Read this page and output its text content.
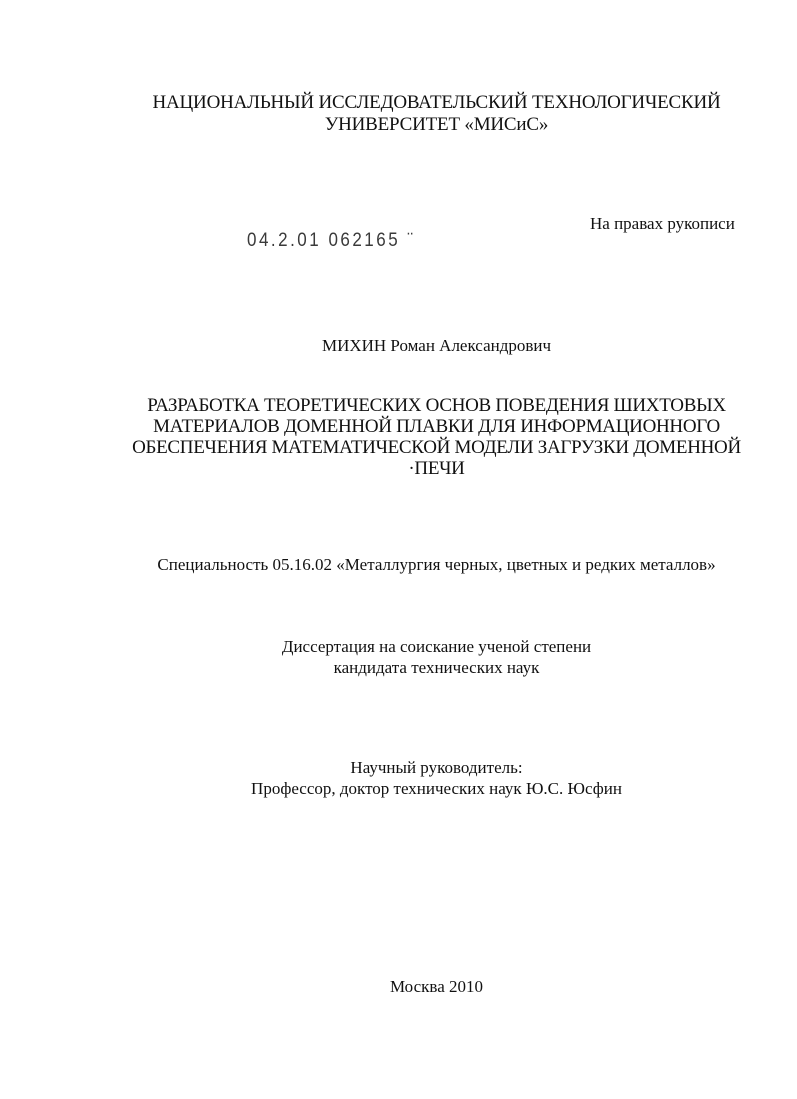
НАЦИОНАЛЬНЫЙ ИССЛЕДОВАТЕЛЬСКИЙ ТЕХНОЛОГИЧЕСКИЙ
УНИВЕРСИТЕТ «МИСиС»
На правах рукописи
04.2.01 062165 ¨
МИХИН Роман Александрович
РАЗРАБОТКА ТЕОРЕТИЧЕСКИХ ОСНОВ ПОВЕДЕНИЯ ШИХТОВЫХ
МАТЕРИАЛОВ ДОМЕННОЙ ПЛАВКИ ДЛЯ ИНФОРМАЦИОННОГО
ОБЕСПЕЧЕНИЯ МАТЕМАТИЧЕСКОЙ МОДЕЛИ ЗАГРУЗКИ ДОМЕННОЙ
·ПЕЧИ
Специальность 05.16.02 «Металлургия черных, цветных и редких металлов»
Диссертация на соискание ученой степени
кандидата технических наук
Научный руководитель:
Профессор, доктор технических наук Ю.С. Юсфин
Москва 2010
